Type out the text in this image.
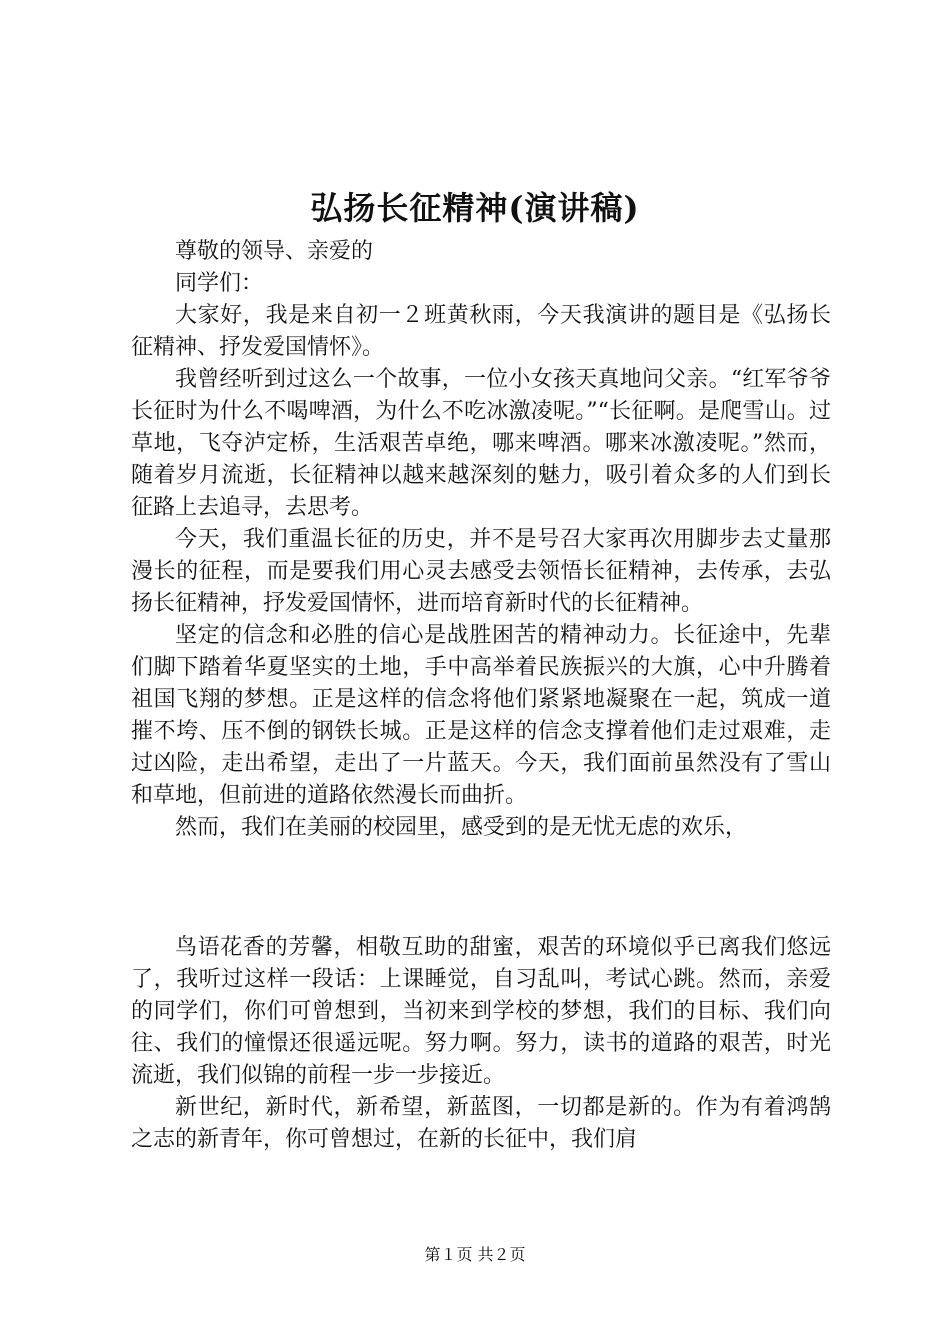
弘扬长征精神(演讲稿)

尊敬的领导、亲爱的

同学们：

大家好，我是来自初一２班黄秋雨，今天我演讲的题目是《弘扬长征精神、抒发爱国情怀》。

我曾经听到过这么一个故事，一位小女孩天真地问父亲。“红军爷爷长征时为什么不喝啤酒，为什么不吃冰激凌呢。”“长征啊。是爬雪山。过草地，飞夺泸定桥，生活艰苦卓绝，哪来啤酒。哪来冰激凌呢。”然而，随着岁月流逝，长征精神以越来越深刻的魅力，吸引着众多的人们到长征路上去追寻，去思考。

今天，我们重温长征的历史，并不是号召大家再次用脚步去丈量那漫长的征程，而是要我们用心灵去感受去领悟长征精神，去传承，去弘扬长征精神，抒发爱国情怀，进而培育新时代的长征精神。

坚定的信念和必胜的信心是战胜困苦的精神动力。长征途中，先辈们脚下踏着华夏坚实的土地，手中高举着民族振兴的大旗，心中升腾着祖国飞翔的梦想。正是这样的信念将他们紧紧地凝聚在一起，筑成一道摧不垮、压不倒的钢铁长城。正是这样的信念支撑着他们走过艰难，走过凶险，走出希望，走出了一片蓝天。今天，我们面前虽然没有了雪山和草地，但前进的道路依然漫长而曲折。

然而，我们在美丽的校园里，感受到的是无忧无虑的欢乐，

鸟语花香的芳馨，相敬互助的甜蜜，艰苦的环境似乎已离我们悠远了，我听过这样一段话：上课睡觉，自习乱叫，考试心跳。然而，亲爱的同学们，你们可曾想到，当初来到学校的梦想，我们的目标、我们向往、我们的憧憬还很遥远呢。努力啊。努力，读书的道路的艰苦，时光流逝，我们似锦的前程一步一步接近。

新世纪，新时代，新希望，新蓝图，一切都是新的。作为有着鸿鹄之志的新青年，你可曾想过，在新的长征中，我们肩

第１页 共２页
